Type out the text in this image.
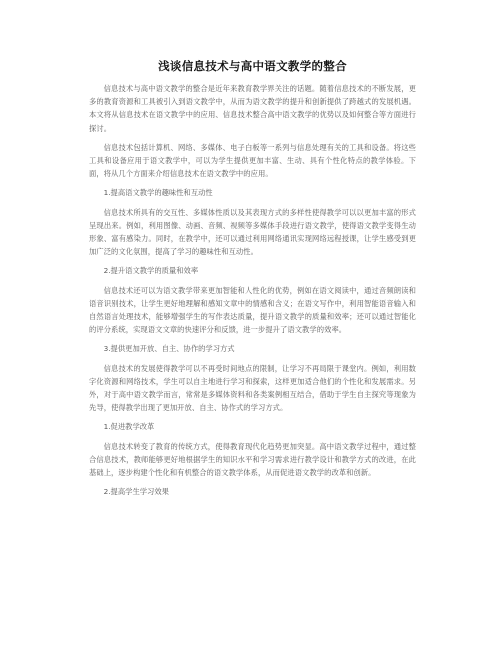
浅谈信息技术与高中语文教学的整合

信息技术与高中语文教学的整合是近年来教育教学界关注的话题。随着信息技术的不断发展，更多的教育资源和工具被引入到语文教学中，从而为语文教学的提升和创新提供了跨越式的发展机遇。本文将从信息技术在语文教学中的应用、信息技术整合高中语文教学的优势以及如何整合等方面进行探讨。

信息技术包括计算机、网络、多媒体、电子白板等一系列与信息处理有关的工具和设备。将这些工具和设备应用于语文教学中，可以为学生提供更加丰富、生动、具有个性化特点的教学体验。下面，将从几个方面来介绍信息技术在语文教学中的应用。

1.提高语文教学的趣味性和互动性

信息技术所具有的交互性、多媒体性质以及其表现方式的多样性使得教学可以以更加丰富的形式呈现出来。例如，利用图像、动画、音频、视频等多媒体手段进行语文教学，使得语文教学变得生动形象、富有感染力。同时，在教学中，还可以通过利用网络通讯实现网络远程授课，让学生感受到更加广泛的文化氛围，提高了学习的趣味性和互动性。

2.提升语文教学的质量和效率

信息技术还可以为语文教学带来更加智能和人性化的优势，例如在语文阅读中，通过音频朗读和语音识别技术，让学生更好地理解和感知文章中的情感和含义；在语文写作中，利用智能语音输入和自然语言处理技术，能够增强学生的写作表达质量，提升语文教学的质量和效率；还可以通过智能化的评分系统，实现语文文章的快速评分和反馈，进一步提升了语文教学的效率。

3.提供更加开放、自主、协作的学习方式

信息技术的发展使得教学可以不再受时间地点的限制，让学习不再局限于课堂内。例如，利用数字化资源和网络技术，学生可以自主地进行学习和探索，这样更加适合他们的个性化和发展需求。另外，对于高中语文教学而言，常常是多媒体资料和各类案例相互结合，借助于学生自主探究等现象为先导，使得教学出现了更加开放、自主、协作式的学习方式。

1.促进教学改革

信息技术转变了教育的传统方式，使得教育现代化趋势更加突显。高中语文教学过程中，通过整合信息技术，教师能够更好地根据学生的知识水平和学习需求进行教学设计和教学方式的改进，在此基础上，逐步构建个性化和有机整合的语文教学体系，从而促进语文教学的改革和创新。

2.提高学生学习效果
